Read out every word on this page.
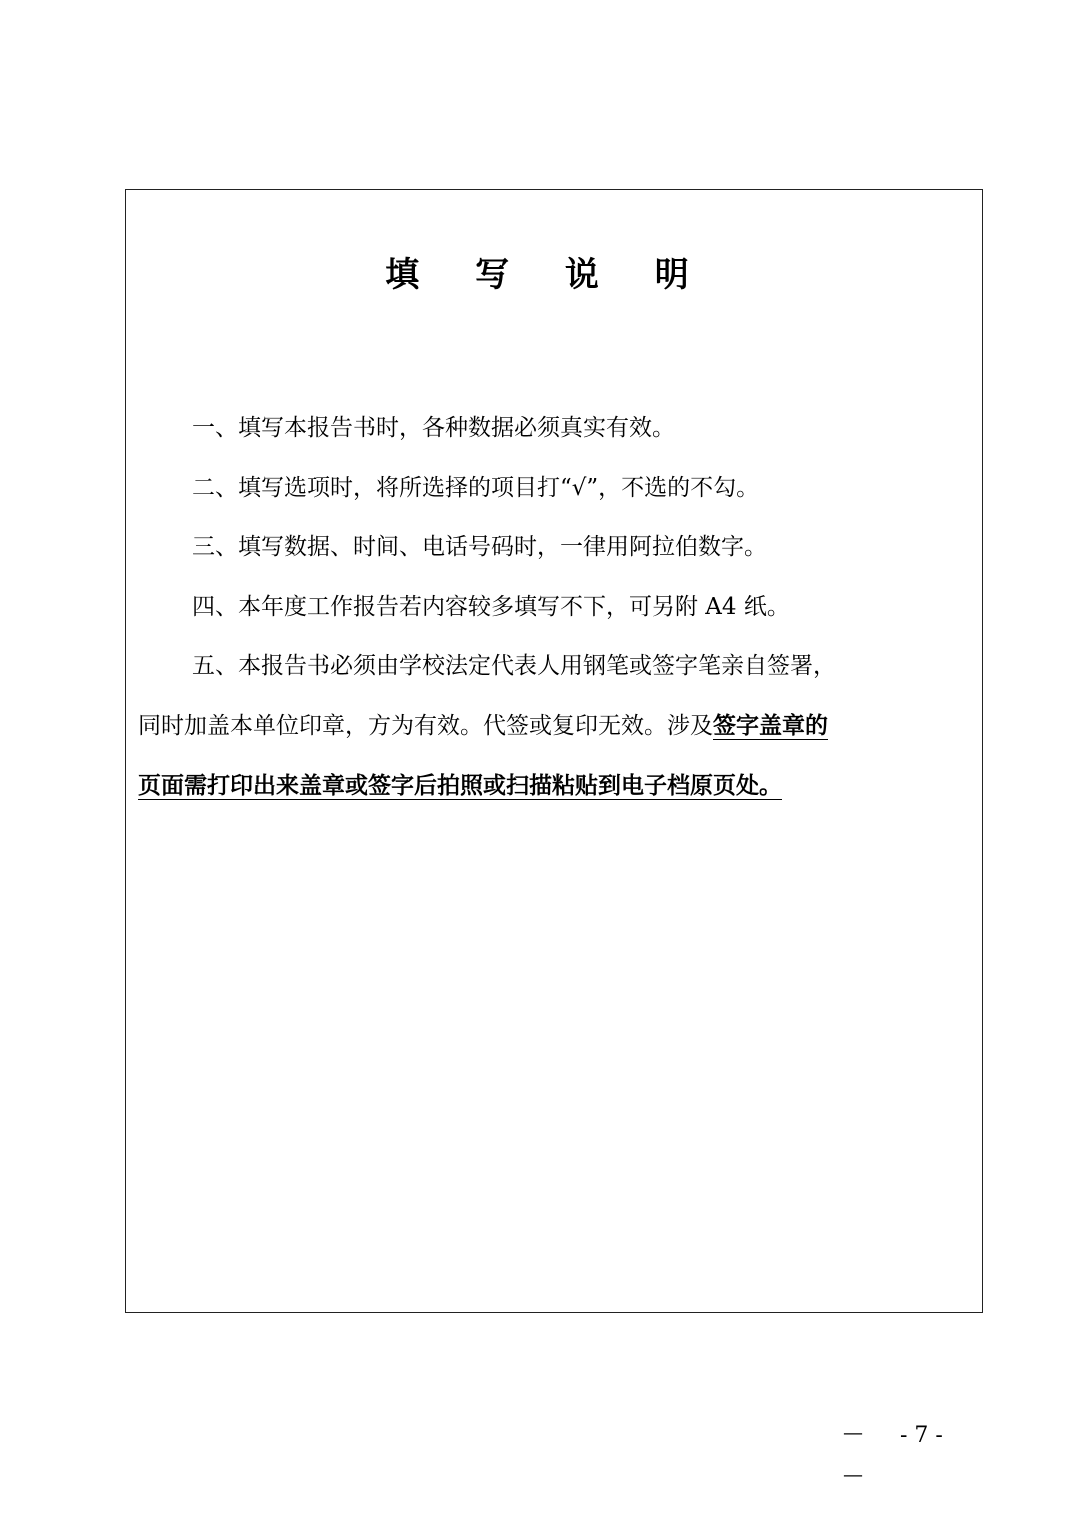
填 写 说 明
一、填写本报告书时，各种数据必须真实有效。
二、填写选项时，将所选择的项目打“√”，不选的不勾。
三、填写数据、时间、电话号码时，一律用阿拉伯数字。
四、本年度工作报告若内容较多填写不下，可另附 A4 纸。
五、本报告书必须由学校法定代表人用钢笔或签字笔亲自签署，
同时加盖本单位印章，方为有效。代签或复印无效。涉及签字盖章的
页面需打印出来盖章或签字后拍照或扫描粘贴到电子档原页处。
— - 7 -
—
